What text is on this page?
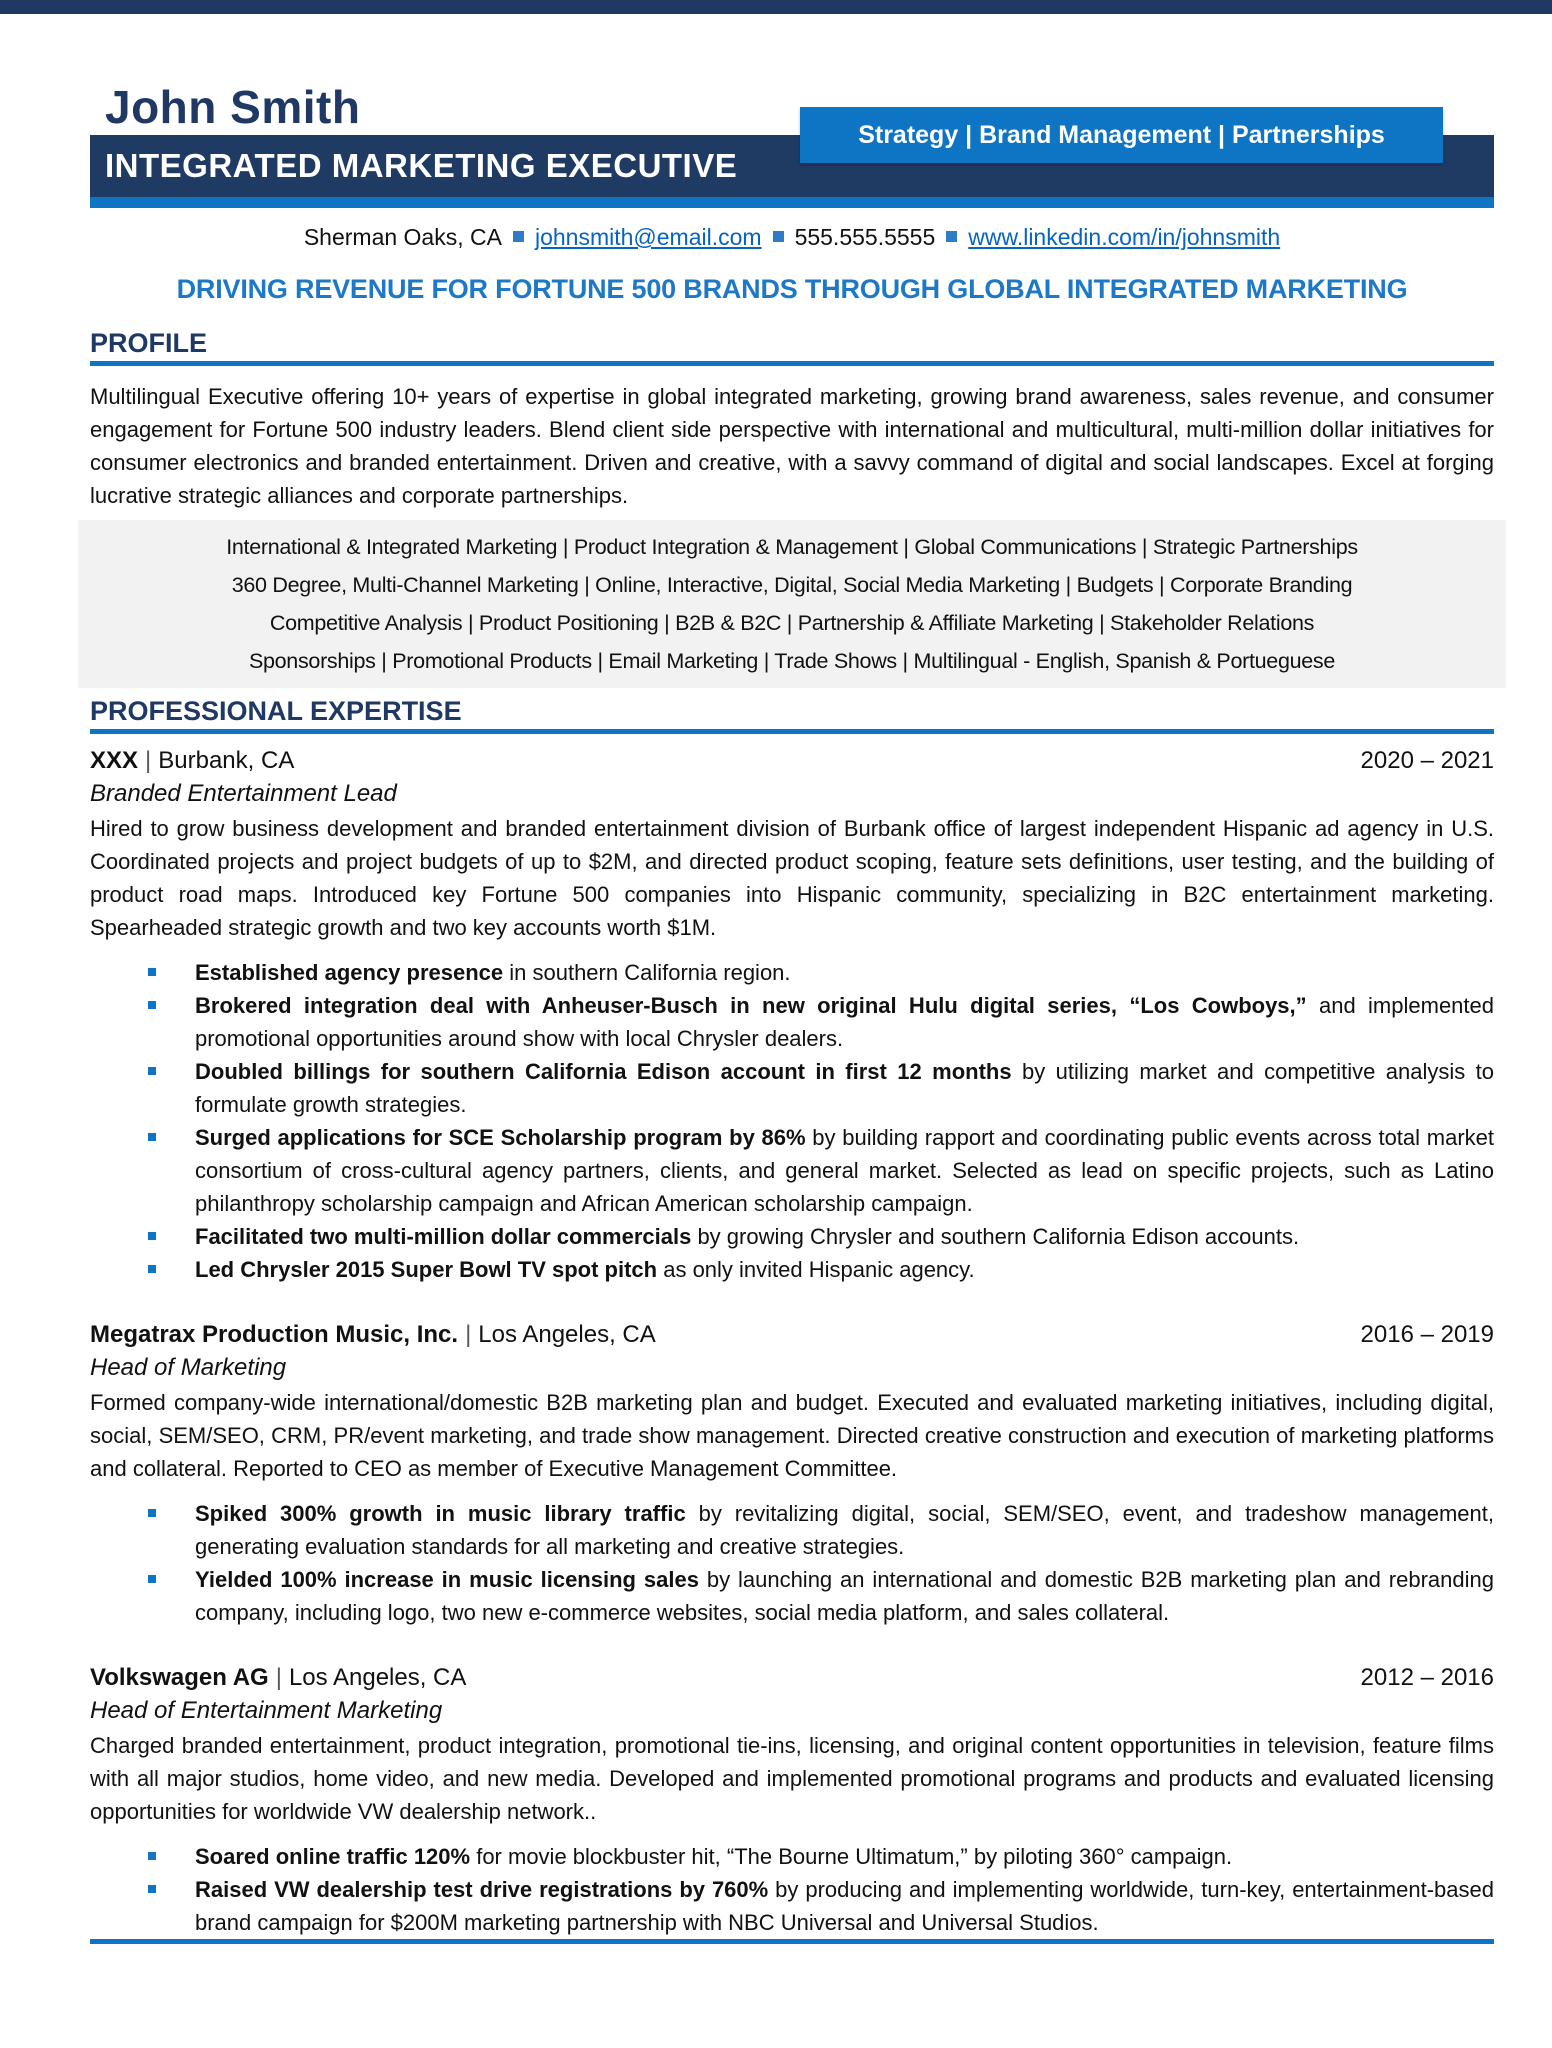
John Smith
Strategy | Brand Management | Partnerships
INTEGRATED MARKETING EXECUTIVE
Sherman Oaks, CA johnsmith@email.com 555.555.5555 www.linkedin.com/in/johnsmith
DRIVING REVENUE FOR FORTUNE 500 BRANDS THROUGH GLOBAL INTEGRATED MARKETING
PROFILE

Multilingual Executive offering 10+ years of expertise in global integrated marketing, growing brand awareness, sales revenue, and consumer engagement for Fortune 500 industry leaders. Blend client side perspective with international and multicultural, multi-million dollar initiatives for consumer electronics and branded entertainment. Driven and creative, with a savvy command of digital and social landscapes. Excel at forging lucrative strategic alliances and corporate partnerships.

International & Integrated Marketing | Product Integration & Management | Global Communications | Strategic Partnerships
360 Degree, Multi-Channel Marketing | Online, Interactive, Digital, Social Media Marketing | Budgets | Corporate Branding
Competitive Analysis | Product Positioning | B2B & B2C | Partnership & Affiliate Marketing | Stakeholder Relations
Sponsorships | Promotional Products | Email Marketing | Trade Shows | Multilingual - English, Spanish & Portueguese
PROFESSIONAL EXPERTISE
XXX | Burbank, CA	2020 – 2021
Branded Entertainment Lead

Hired to grow business development and branded entertainment division of Burbank office of largest independent Hispanic ad agency in U.S. Coordinated projects and project budgets of up to $2M, and directed product scoping, feature sets definitions, user testing, and the building of product road maps. Introduced key Fortune 500 companies into Hispanic community, specializing in B2C entertainment marketing. Spearheaded strategic growth and two key accounts worth $1M.

Established agency presence in southern California region.
Brokered integration deal with Anheuser-Busch in new original Hulu digital series, “Los Cowboys,” and implemented promotional opportunities around show with local Chrysler dealers.
Doubled billings for southern California Edison account in first 12 months by utilizing market and competitive analysis to formulate growth strategies.
Surged applications for SCE Scholarship program by 86% by building rapport and coordinating public events across total market consortium of cross-cultural agency partners, clients, and general market. Selected as lead on specific projects, such as Latino philanthropy scholarship campaign and African American scholarship campaign.
Facilitated two multi-million dollar commercials by growing Chrysler and southern California Edison accounts.
Led Chrysler 2015 Super Bowl TV spot pitch as only invited Hispanic agency.
Megatrax Production Music, Inc. | Los Angeles, CA	2016 – 2019
Head of Marketing

Formed company-wide international/domestic B2B marketing plan and budget. Executed and evaluated marketing initiatives, including digital, social, SEM/SEO, CRM, PR/event marketing, and trade show management. Directed creative construction and execution of marketing platforms and collateral. Reported to CEO as member of Executive Management Committee.

Spiked 300% growth in music library traffic by revitalizing digital, social, SEM/SEO, event, and tradeshow management, generating evaluation standards for all marketing and creative strategies.
Yielded 100% increase in music licensing sales by launching an international and domestic B2B marketing plan and rebranding company, including logo, two new e-commerce websites, social media platform, and sales collateral.
Volkswagen AG | Los Angeles, CA	2012 – 2016
Head of Entertainment Marketing

Charged branded entertainment, product integration, promotional tie-ins, licensing, and original content opportunities in television, feature films with all major studios, home video, and new media. Developed and implemented promotional programs and products and evaluated licensing opportunities for worldwide VW dealership network..

Soared online traffic 120% for movie blockbuster hit, “The Bourne Ultimatum,” by piloting 360° campaign.
Raised VW dealership test drive registrations by 760% by producing and implementing worldwide, turn-key, entertainment-based brand campaign for $200M marketing partnership with NBC Universal and Universal Studios.
